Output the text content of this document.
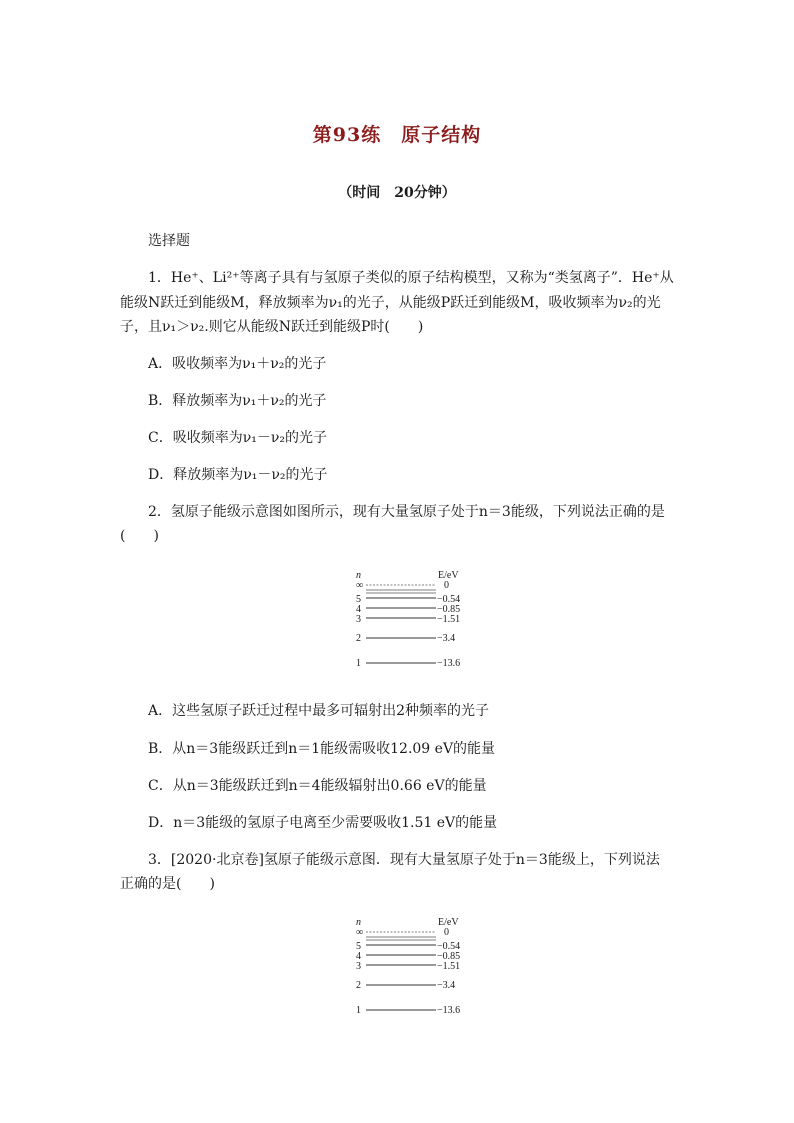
第93练　原子结构
（时间　20分钟）
选择题
1．He⁺、Li²⁺等离子具有与氢原子类似的原子结构模型，又称为“类氢离子”．He⁺从
能级N跃迁到能级M，释放频率为ν₁的光子，从能级P跃迁到能级M，吸收频率为ν₂的光
子，且ν₁＞ν₂.则它从能级N跃迁到能级P时(　　)
A．吸收频率为ν₁＋ν₂的光子
B．释放频率为ν₁＋ν₂的光子
C．吸收频率为ν₁－ν₂的光子
D．释放频率为ν₁－ν₂的光子
2．氢原子能级示意图如图所示，现有大量氢原子处于n＝3能级，下列说法正确的是
(　　)
n	E/eV
∞	0
5	−0.54
4	−0.85
3	−1.51
2	−3.4
1	−13.6
A．这些氢原子跃迁过程中最多可辐射出2种频率的光子
B．从n＝3能级跃迁到n＝1能级需吸收12.09 eV的能量
C．从n＝3能级跃迁到n＝4能级辐射出0.66 eV的能量
D．n＝3能级的氢原子电离至少需要吸收1.51 eV的能量
3．[2020·北京卷]氢原子能级示意图．现有大量氢原子处于n＝3能级上，下列说法
正确的是(　　)
n	E/eV
∞	0
5	−0.54
4	−0.85
3	−1.51
2	−3.4
1	−13.6
